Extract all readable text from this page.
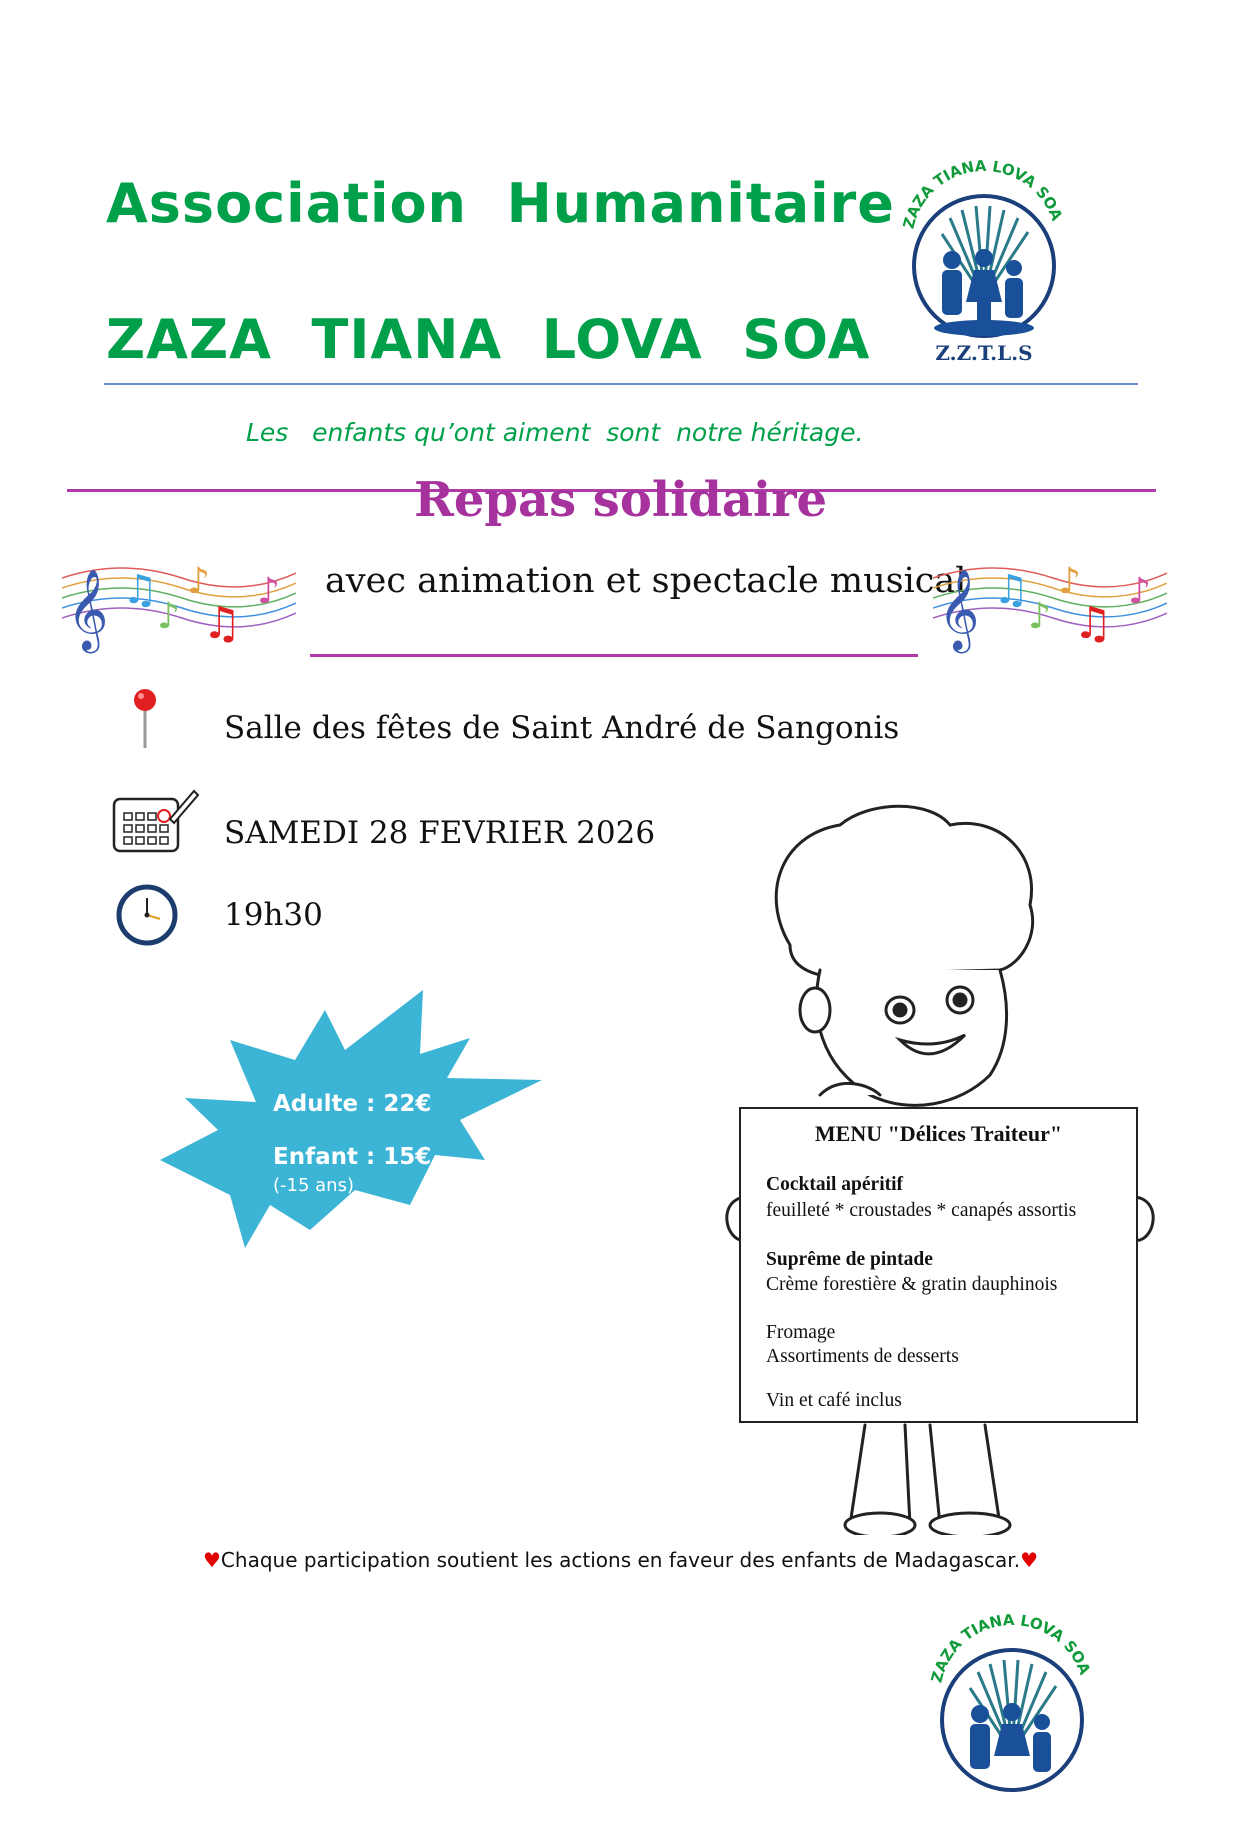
Association  Humanitaire
ZAZA  TIANA  LOVA  SOA
ZAZA TIANA LOVA SOA
Z.Z.T.L.S
Les   enfants qu’ont aiment  sont  notre héritage.
Repas solidaire
𝄞 ♫
♪
♪
♫
♪ avec animation et spectacle musical
𝄞 ♫
♪
♪
♫
♪
Salle des fêtes de Saint André de Sangonis
SAMEDI 28 FEVRIER 2026
19h30
Adulte : 22€
Enfant : 15€
(-15 ans)
MENU "Délices Traiteur"
Cocktail apéritif
feuilleté * croustades * canapés assortis
Suprême de pintade
Crème forestière & gratin dauphinois
Fromage
Assortiments de desserts
Vin et café inclus
♥Chaque participation soutient les actions en faveur des enfants de Madagascar.♥
ZAZA TIANA LOVA SOA
